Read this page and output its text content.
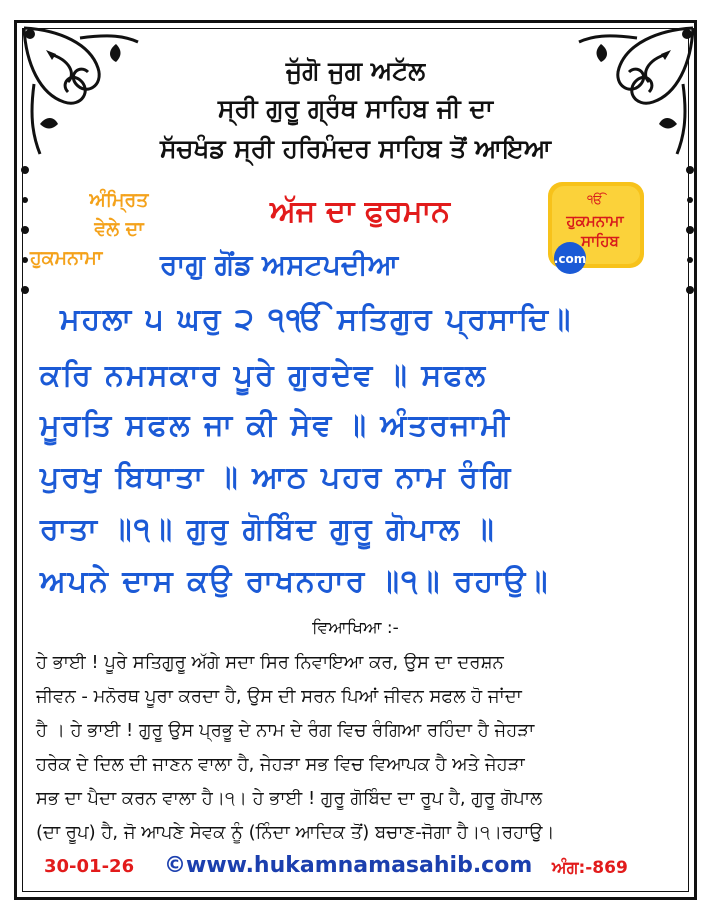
ਜੁੱਗੋ ਜੁਗ ਅਟੱਲ
ਸ੍ਰੀ ਗੁਰੂ ਗ੍ਰੰਥ ਸਾਹਿਬ ਜੀ ਦਾ
ਸੱਚਖੰਡ ਸ੍ਰੀ ਹਰਿਮੰਦਰ ਸਾਹਿਬ ਤੋਂ ਆਇਆ
ਅੰਮ੍ਰਿਤ
ਵੇਲੇ ਦਾ
ਹੁਕਮਨਾਮਾ
ਅੱਜ ਦਾ ਫੁਰਮਾਨ
ਰਾਗੁ ਗੋਂਡ ਅਸਟਪਦੀਆ
ੴ
ਹੁਕਮਨਾਮਾ
ਸਾਹਿਬ
.com
ਮਹਲਾ ੫ ਘਰੁ ੨ ੧ੴ ਸਤਿਗੁਰ ਪ੍ਰਸਾਦਿ॥
ਕਰਿ ਨਮਸਕਾਰ ਪੂਰੇ ਗੁਰਦੇਵ ॥ ਸਫਲ
ਮੂਰਤਿ ਸਫਲ ਜਾ ਕੀ ਸੇਵ ॥ ਅੰਤਰਜਾਮੀ
ਪੁਰਖੁ ਬਿਧਾਤਾ ॥ ਆਠ ਪਹਰ ਨਾਮ ਰੰਗਿ
ਰਾਤਾ ॥੧॥ ਗੁਰੁ ਗੋਬਿੰਦ ਗੁਰੂ ਗੋਪਾਲ ॥
ਅਪਨੇ ਦਾਸ ਕਉ ਰਾਖਨਹਾਰ ॥੧॥ ਰਹਾਉ॥
ਵਿਆਖਿਆ :-
ਹੇ ਭਾਈ ! ਪੂਰੇ ਸਤਿਗੁਰੂ ਅੱਗੇ ਸਦਾ ਸਿਰ ਨਿਵਾਇਆ ਕਰ, ਉਸ ਦਾ ਦਰਸ਼ਨ
ਜੀਵਨ - ਮਨੋਰਥ ਪੂਰਾ ਕਰਦਾ ਹੈ, ਉਸ ਦੀ ਸਰਨ ਪਿਆਂ ਜੀਵਨ ਸਫਲ ਹੋ ਜਾਂਦਾ
ਹੈ । ਹੇ ਭਾਈ ! ਗੁਰੂ ਉਸ ਪ੍ਰਭੂ ਦੇ ਨਾਮ ਦੇ ਰੰਗ ਵਿਚ ਰੰਗਿਆ ਰਹਿੰਦਾ ਹੈ ਜੇਹੜਾ
ਹਰੇਕ ਦੇ ਦਿਲ ਦੀ ਜਾਣਨ ਵਾਲਾ ਹੈ, ਜੇਹੜਾ ਸਭ ਵਿਚ ਵਿਆਪਕ ਹੈ ਅਤੇ ਜੇਹੜਾ
ਸਭ ਦਾ ਪੈਦਾ ਕਰਨ ਵਾਲਾ ਹੈ।੧। ਹੇ ਭਾਈ ! ਗੁਰੂ ਗੋਬਿੰਦ ਦਾ ਰੂਪ ਹੈ, ਗੁਰੂ ਗੋਪਾਲ
(ਦਾ ਰੂਪ) ਹੈ, ਜੋ ਆਪਣੇ ਸੇਵਕ ਨੂੰ (ਨਿੰਦਾ ਆਦਿਕ ਤੋਂ) ਬਚਾਣ-ਜੋਗਾ ਹੈ।੧।ਰਹਾਉ।
30-01-26 ©www.hukamnamasahib.com ਅੰਗ:-869
